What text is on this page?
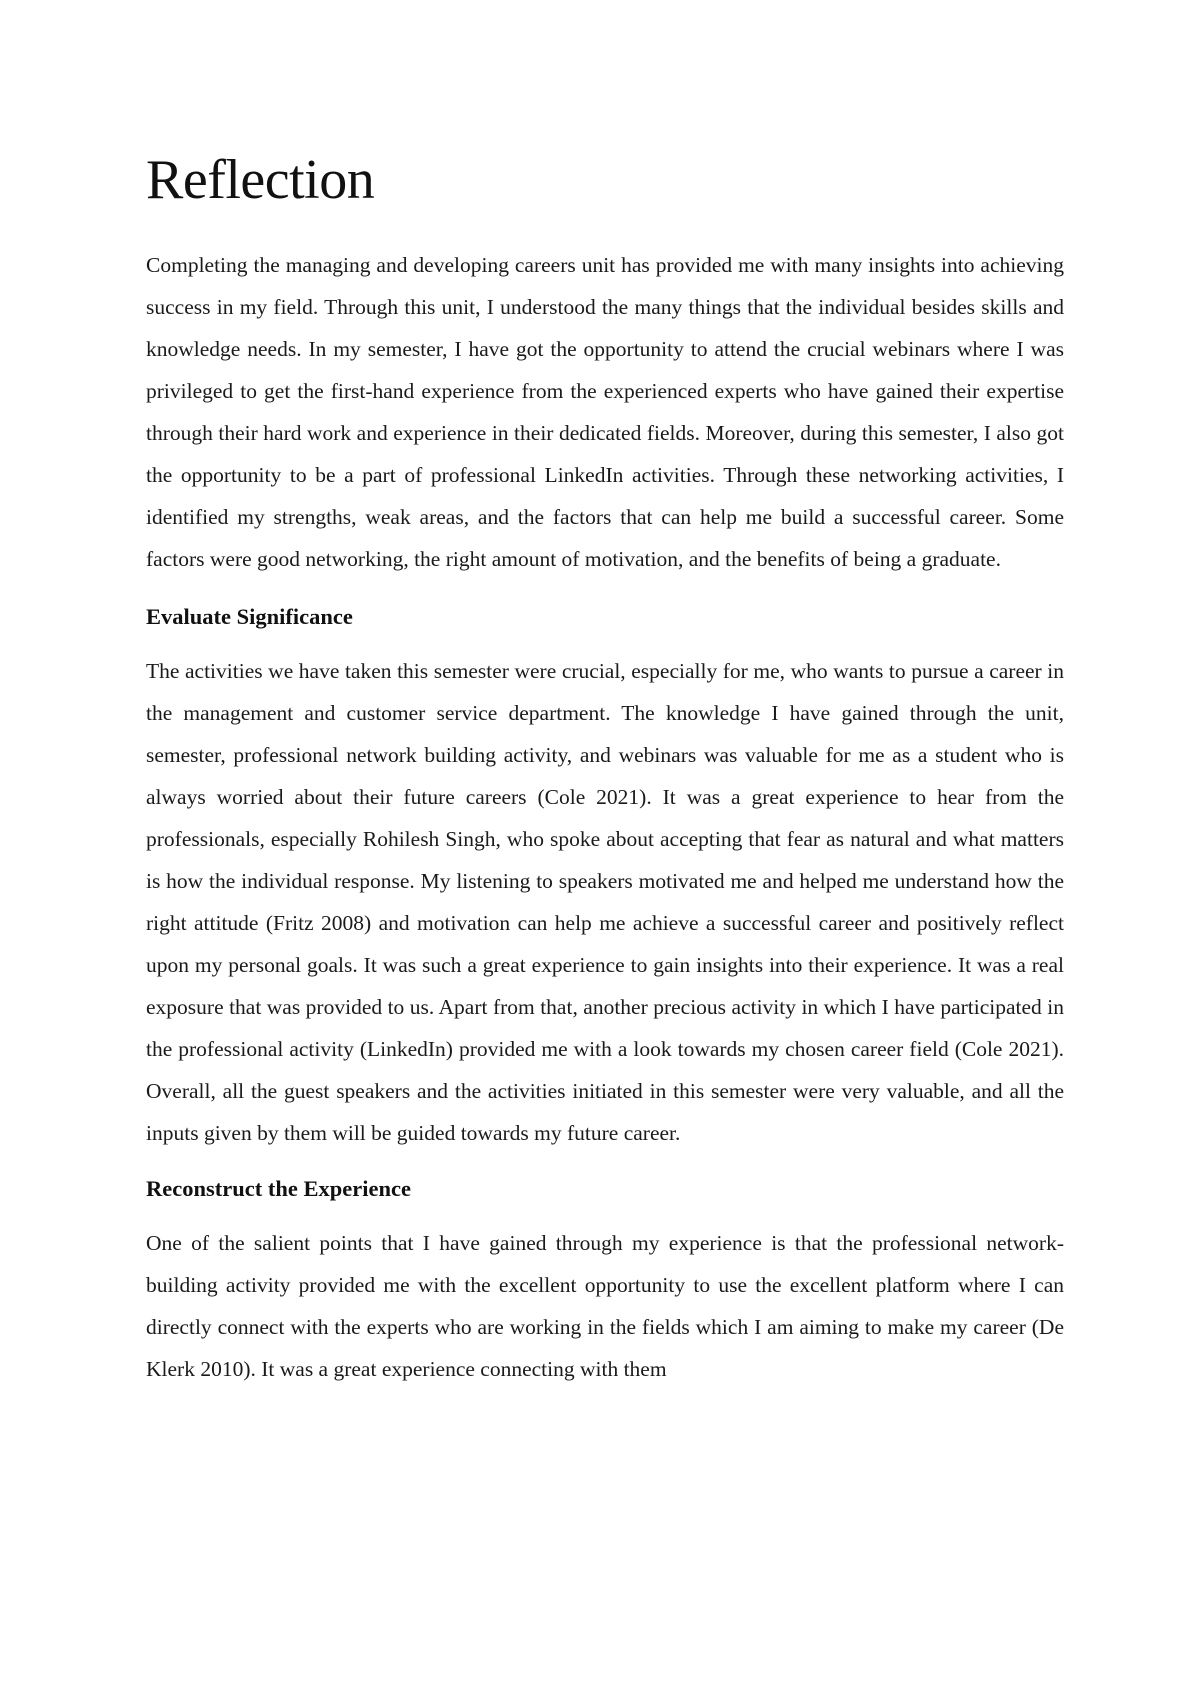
Reflection

Completing the managing and developing careers unit has provided me with many insights into achieving success in my field. Through this unit, I understood the many things that the individual besides skills and knowledge needs. In my semester, I have got the opportunity to attend the crucial webinars where I was privileged to get the first-hand experience from the experienced experts who have gained their expertise through their hard work and experience in their dedicated fields. Moreover, during this semester, I also got the opportunity to be a part of professional LinkedIn activities. Through these networking activities, I identified my strengths, weak areas, and the factors that can help me build a successful career. Some factors were good networking, the right amount of motivation, and the benefits of being a graduate.

Evaluate Significance

The activities we have taken this semester were crucial, especially for me, who wants to pursue a career in the management and customer service department. The knowledge I have gained through the unit, semester, professional network building activity, and webinars was valuable for me as a student who is always worried about their future careers (Cole 2021). It was a great experience to hear from the professionals, especially Rohilesh Singh, who spoke about accepting that fear as natural and what matters is how the individual response. My listening to speakers motivated me and helped me understand how the right attitude (Fritz 2008) and motivation can help me achieve a successful career and positively reflect upon my personal goals. It was such a great experience to gain insights into their experience. It was a real exposure that was provided to us. Apart from that, another precious activity in which I have participated in the professional activity (LinkedIn) provided me with a look towards my chosen career field (Cole 2021). Overall, all the guest speakers and the activities initiated in this semester were very valuable, and all the inputs given by them will be guided towards my future career.

Reconstruct the Experience

One of the salient points that I have gained through my experience is that the professional network-building activity provided me with the excellent opportunity to use the excellent platform where I can directly connect with the experts who are working in the fields which I am aiming to make my career (De Klerk 2010). It was a great experience connecting with them
